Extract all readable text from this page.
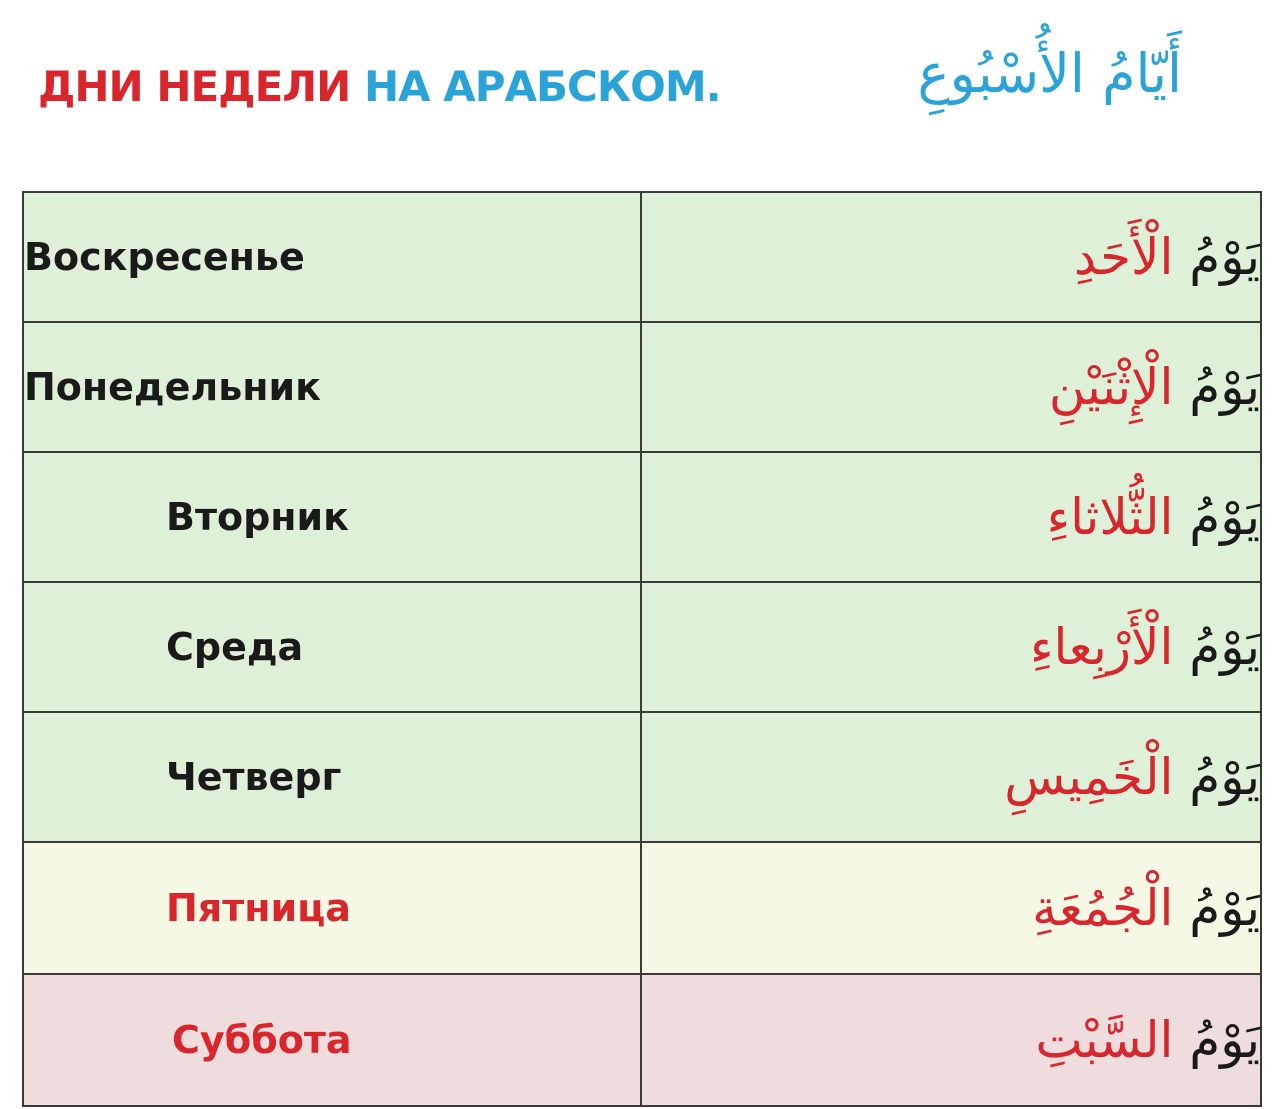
ДНИ НЕДЕЛИ НА АРАБСКОМ.	أَيّامُ الأُسْبُوعِ
Воскресенье	يَوْمُ الْأَحَدِ
Понедельник	يَوْمُ الْإِثْنَيْنِ
Вторник	يَوْمُ الثُّلاثاءِ
Среда	يَوْمُ الْأَرْبِعاءِ
Четверг	يَوْمُ الْخَمِيسِ
Пятница	يَوْمُ الْجُمُعَةِ
Суббота	يَوْمُ السَّبْتِ
